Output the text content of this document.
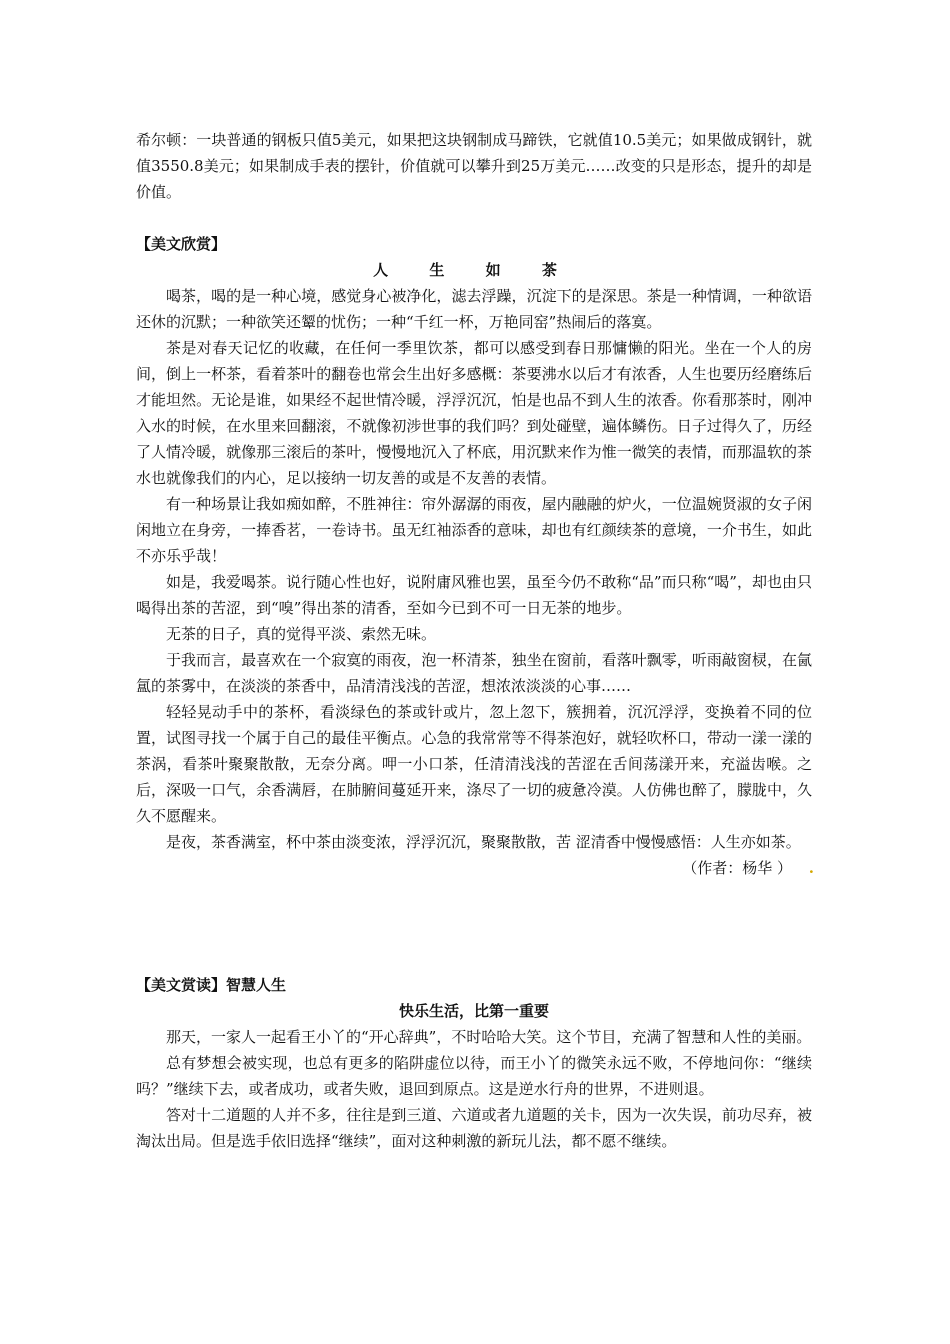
希尔顿：一块普通的钢板只值5美元，如果把这块钢制成马蹄铁，它就值10.5美元；如果做成钢针，就值3550.8美元；如果制成手表的摆针，价值就可以攀升到25万美元……改变的只是形态，提升的却是价值。

【美文欣赏】

人 生 如 茶

喝茶，喝的是一种心境，感觉身心被净化，滤去浮躁，沉淀下的是深思。茶是一种情调，一种欲语还休的沉默；一种欲笑还颦的忧伤；一种“千红一杯，万艳同窑”热闹后的落寞。

茶是对春天记忆的收藏，在任何一季里饮茶，都可以感受到春日那慵懒的阳光。坐在一个人的房间，倒上一杯茶，看着茶叶的翻卷也常会生出好多感概：茶要沸水以后才有浓香，人生也要历经磨练后才能坦然。无论是谁，如果经不起世情冷暖，浮浮沉沉，怕是也品不到人生的浓香。你看那茶时，刚冲入水的时候，在水里来回翻滚，不就像初涉世事的我们吗？到处碰壁，遍体鳞伤。日子过得久了，历经了人情冷暖，就像那三滚后的茶叶，慢慢地沉入了杯底，用沉默来作为惟一微笑的表情，而那温软的茶水也就像我们的内心，足以接纳一切友善的或是不友善的表情。

有一种场景让我如痴如醉，不胜神往：帘外潺潺的雨夜，屋内融融的炉火，一位温婉贤淑的女子闲闲地立在身旁，一捧香茗，一卷诗书。虽无红袖添香的意味，却也有红颜续茶的意境，一介书生，如此不亦乐乎哉！

如是，我爱喝茶。说行随心性也好，说附庸风雅也罢，虽至今仍不敢称“品”而只称“喝”，却也由只喝得出茶的苦涩，到“嗅”得出茶的清香，至如今已到不可一日无茶的地步。

无茶的日子，真的觉得平淡、索然无味。

于我而言，最喜欢在一个寂寞的雨夜，泡一杯清茶，独坐在窗前，看落叶飘零，听雨敲窗棂，在氤氲的茶雾中，在淡淡的茶香中，品清清浅浅的苦涩，想浓浓淡淡的心事……

轻轻晃动手中的茶杯，看淡绿色的茶或针或片，忽上忽下，簇拥着，沉沉浮浮，变换着不同的位置，试图寻找一个属于自己的最佳平衡点。心急的我常常等不得茶泡好，就轻吹杯口，带动一漾一漾的茶涡，看茶叶聚聚散散，无奈分离。呷一小口茶，任清清浅浅的苦涩在舌间荡漾开来，充溢齿喉。之后，深吸一口气，余香满唇，在肺腑间蔓延开来，涤尽了一切的疲惫冷漠。人仿佛也醉了，朦胧中，久久不愿醒来。

是夜，茶香满室，杯中茶由淡变浓，浮浮沉沉，聚聚散散，苦 涩清香中慢慢感悟：人生亦如茶。

（作者：杨华 ） .

【美文赏读】智慧人生

快乐生活，比第一重要

那天，一家人一起看王小丫的“开心辞典”，不时哈哈大笑。这个节目，充满了智慧和人性的美丽。

总有梦想会被实现，也总有更多的陷阱虚位以待，而王小丫的微笑永远不败，不停地问你：“继续吗？”继续下去，或者成功，或者失败，退回到原点。这是逆水行舟的世界，不进则退。

答对十二道题的人并不多，往往是到三道、六道或者九道题的关卡，因为一次失误，前功尽弃，被淘汰出局。但是选手依旧选择“继续”，面对这种刺激的新玩儿法，都不愿不继续。
